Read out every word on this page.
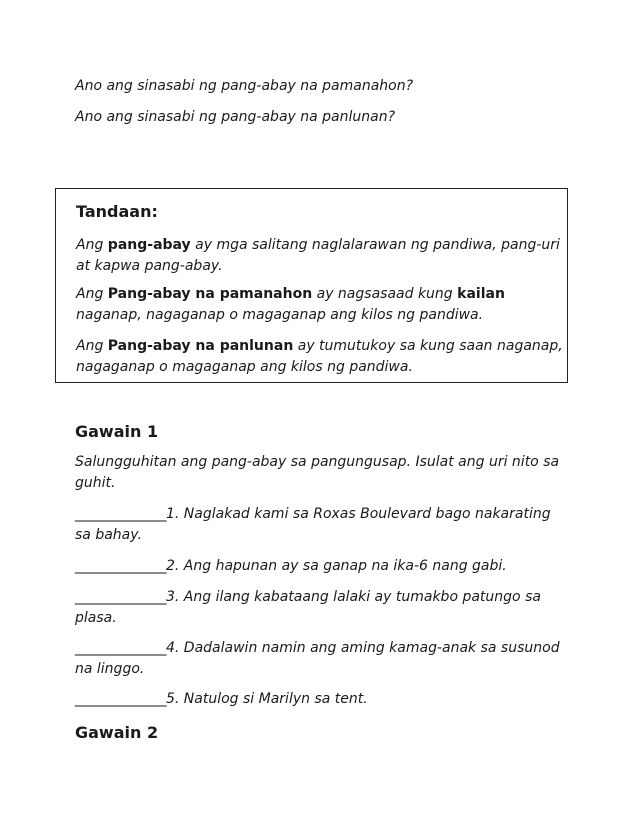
Ano ang sinasabi ng pang-abay na pamanahon?
Ano ang sinasabi ng pang-abay na panlunan?
Tandaan:
Ang pang-abay ay mga salitang naglalarawan ng pandiwa, pang-uri at kapwa pang-abay.
Ang Pang-abay na pamanahon ay nagsasaad kung kailan naganap, nagaganap o magaganap ang kilos ng pandiwa.
Ang Pang-abay na panlunan ay tumutukoy sa kung saan naganap, nagaganap o magaganap ang kilos ng pandiwa.
Gawain 1
Salungguhitan ang pang-abay sa pangungusap. Isulat ang uri nito sa guhit.
______________1. Naglakad kami sa Roxas Boulevard bago nakarating sa bahay.
______________2. Ang hapunan ay sa ganap na ika-6 nang gabi.
______________3. Ang ilang kabataang lalaki ay tumakbo patungo sa plasa.
______________4. Dadalawin namin ang aming kamag-anak sa susunod na linggo.
______________5. Natulog si Marilyn sa tent.
Gawain 2
